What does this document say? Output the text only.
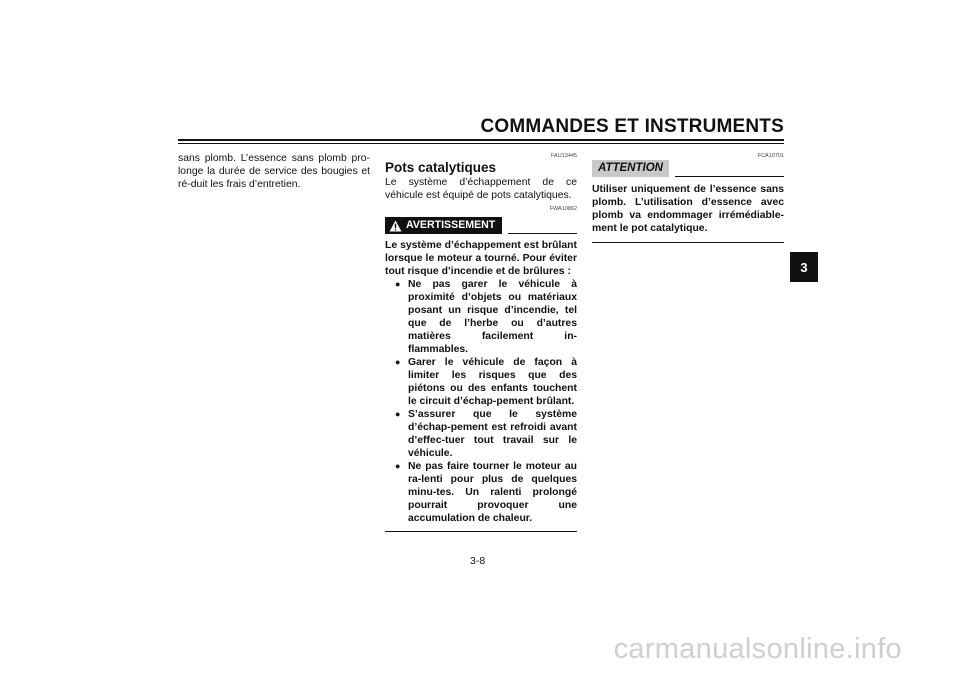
COMMANDES ET INSTRUMENTS
3

sans plomb. L’essence sans plomb pro-longe la durée de service des bougies et ré-duit les frais d’entretien.

FAU13445

Pots catalytiques

Le système d’échappement de ce véhicule est équipé de pots catalytiques.

FWA10862

AVERTISSEMENT

Le système d’échappement est brûlant lorsque le moteur a tourné. Pour éviter tout risque d’incendie et de brûlures :

● Ne pas garer le véhicule à proximité d’objets ou matériaux posant un risque d’incendie, tel que de l’herbe ou d’autres matières facilement in-flammables.
● Garer le véhicule de façon à limiter les risques que des piétons ou des enfants touchent le circuit d’échap-pement brûlant.
● S’assurer que le système d’échap-pement est refroidi avant d’effec-tuer tout travail sur le véhicule.
● Ne pas faire tourner le moteur au ra-lenti pour plus de quelques minu-tes. Un ralenti prolongé pourrait provoquer une accumulation de chaleur.

FCA10701

ATTENTION

Utiliser uniquement de l’essence sans plomb. L’utilisation d’essence avec plomb va endommager irrémédiable-ment le pot catalytique.

3-8
carmanualsonline.info
